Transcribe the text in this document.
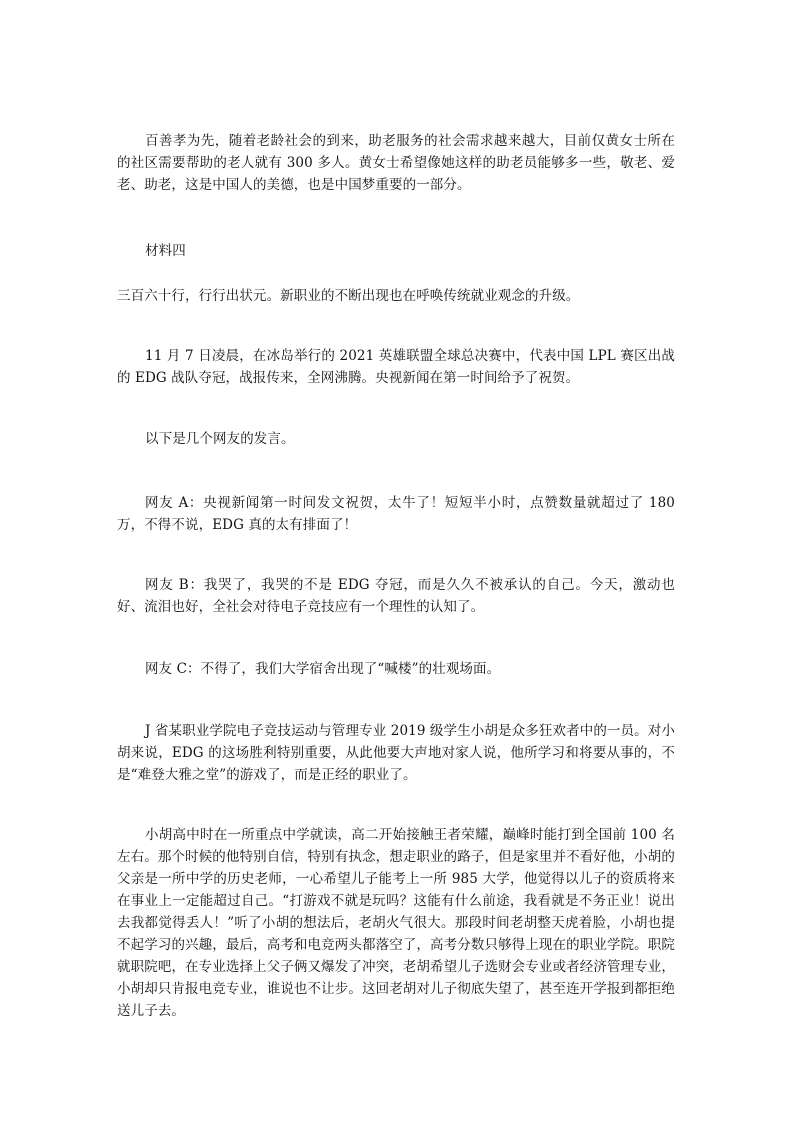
百善孝为先，随着老龄社会的到来，助老服务的社会需求越来越大，目前仅黄女士所在的社区需要帮助的老人就有 300 多人。黄女士希望像她这样的助老员能够多一些，敬老、爱老、助老，这是中国人的美德，也是中国梦重要的一部分。

材料四

三百六十行，行行出状元。新职业的不断出现也在呼唤传统就业观念的升级。

11 月 7 日凌晨，在冰岛举行的 2021 英雄联盟全球总决赛中，代表中国 LPL 赛区出战的 EDG 战队夺冠，战报传来，全网沸腾。央视新闻在第一时间给予了祝贺。

以下是几个网友的发言。

网友 A：央视新闻第一时间发文祝贺，太牛了！短短半小时，点赞数量就超过了 180 万，不得不说，EDG 真的太有排面了！

网友 B：我哭了，我哭的不是 EDG 夺冠，而是久久不被承认的自己。今天，激动也好、流泪也好，全社会对待电子竞技应有一个理性的认知了。

网友 C：不得了，我们大学宿舍出现了“喊楼”的壮观场面。

J 省某职业学院电子竞技运动与管理专业 2019 级学生小胡是众多狂欢者中的一员。对小胡来说，EDG 的这场胜利特别重要，从此他要大声地对家人说，他所学习和将要从事的，不是“难登大雅之堂”的游戏了，而是正经的职业了。

小胡高中时在一所重点中学就读，高二开始接触王者荣耀，巅峰时能打到全国前 100 名左右。那个时候的他特别自信，特别有执念，想走职业的路子，但是家里并不看好他，小胡的父亲是一所中学的历史老师，一心希望儿子能考上一所 985 大学，他觉得以儿子的资质将来在事业上一定能超过自己。“打游戏不就是玩吗？这能有什么前途，我看就是不务正业！说出去我都觉得丢人！”听了小胡的想法后，老胡火气很大。那段时间老胡整天虎着脸，小胡也提不起学习的兴趣，最后，高考和电竞两头都落空了，高考分数只够得上现在的职业学院。职院就职院吧，在专业选择上父子俩又爆发了冲突，老胡希望儿子选财会专业或者经济管理专业，小胡却只肯报电竞专业，谁说也不让步。这回老胡对儿子彻底失望了，甚至连开学报到都拒绝送儿子去。
